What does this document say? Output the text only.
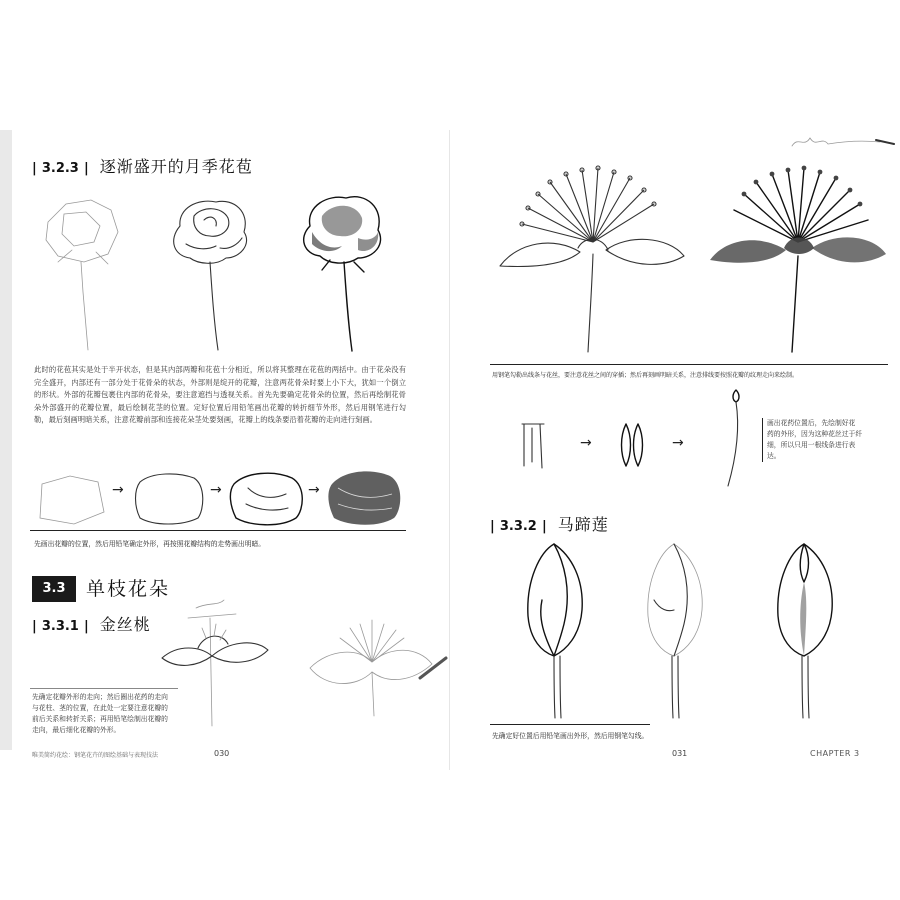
| 3.2.3 | 逐渐盛开的月季花苞
此时的花苞其实是处于半开状态，但是其内部两瓣和花苞十分相近，所以将其整理在花苞的两括中。由于花朵没有完全盛开，内部还有一部分处于花骨朵的状态，外部则是绽开的花瓣，注意两花骨朵时要上小下大，犹如一个倒立的形状。外部的花瓣包裹住内部的花骨朵，要注意遮挡与透视关系。首先先要确定花骨朵的位置，然后再绘制花骨朵外部盛开的花瓣位置，最后绘制花茎的位置。定好位置后用铅笔画出花瓣的转折细节外形，然后用钢笔进行勾勒，最后刻画明暗关系，注意花瓣前部和连接花朵茎处要刻画，花瓣上的线条要沿着花瓣的走向进行刻画。
→	→	→
先画出花瓣的位置，然后用铅笔确定外形，再按照花瓣结构的走势画出明暗。
3.3	单枝花朵
| 3.3.1 | 金丝桃
先确定花瓣外形的走向；然后圈出花药的走向
与花柱、茎的位置，在此处一定要注意花瓣的
前后关系和转折关系；再用铅笔绘制出花瓣的
走向，最后细化花瓣的外形。
唯美简约花绘：钢笔花卉的图绘基础与表现技法	030
用钢笔勾勒出线条与花丝，要注意花丝之间的穿插；然后再刻画明暗关系，注意排线要按照花瓣的纹理走向来绘制。
→	→
画出花药位置后，先绘制好花
药的外形，因为这种花丝过于纤
细，所以只用一根线条进行表
达。
| 3.3.2 | 马蹄莲
先确定好位置后用铅笔画出外形，然后用钢笔勾线。
031	CHAPTER 3
